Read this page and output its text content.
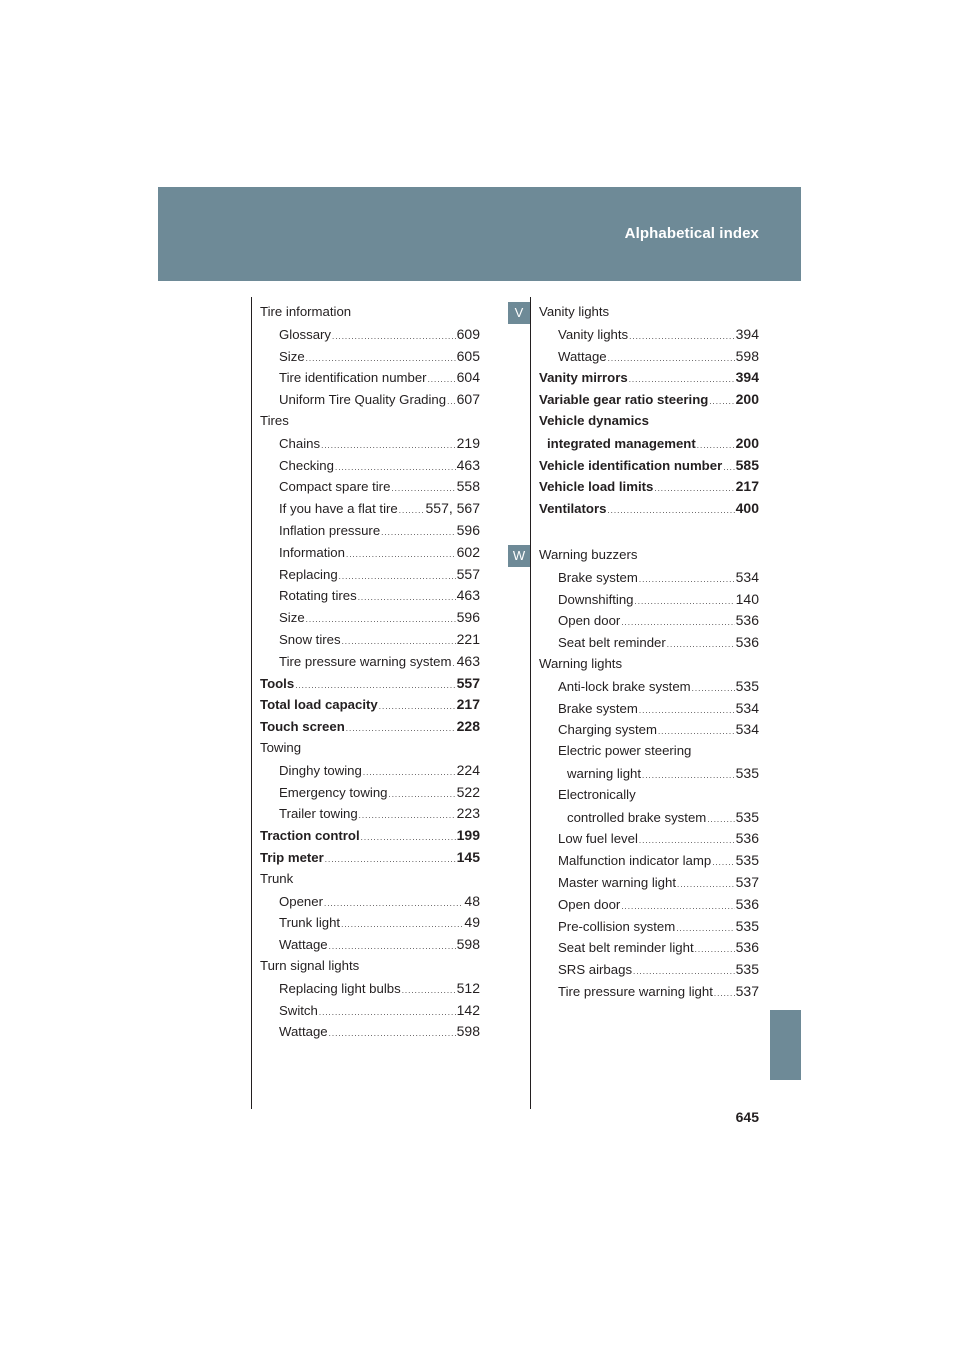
Alphabetical index
Tire information
Glossary .....	609
Size .....	605
Tire identification number ..... 604
Uniform Tire Quality Grading ..... 607
Tires
Chains .....	219
Checking .....	463
Compact spare tire .....	558
If you have a flat tire ..... 557, 567
Inflation pressure .....	596
Information .....	602
Replacing .....	557
Rotating tires .....	463
Size .....	596
Snow tires .....	221
Tire pressure warning system ..... 463
Tools .....	557
Total load capacity .....	217
Touch screen .....	228
Towing
Dinghy towing .....	224
Emergency towing .....	522
Trailer towing .....	223
Traction control .....	199
Trip meter .....	145
Trunk
Opener .....	48
Trunk light .....	49
Wattage .....	598
Turn signal lights
Replacing light bulbs .....	512
Switch .....	142
Wattage .....	598
V	Vanity lights
Vanity lights .....	394
Wattage .....	598
Vanity mirrors .....	394
Variable gear ratio steering ..... 200
Vehicle dynamics
integrated management .....	200
Vehicle identification number ..... 585
Vehicle load limits .....	217
Ventilators .....	400
W	Warning buzzers
Brake system .....	534
Downshifting .....	140
Open door .....	536
Seat belt reminder .....	536
Warning lights
Anti-lock brake system .....	535
Brake system .....	534
Charging system .....	534
Electric power steering
warning light .....	535
Electronically
controlled brake system ..... 535
Low fuel level .....	536
Malfunction indicator lamp ..... 535
Master warning light .....	537
Open door .....	536
Pre-collision system .....	535
Seat belt reminder light .....	536
SRS airbags .....	535
Tire pressure warning light ..... 537
645
